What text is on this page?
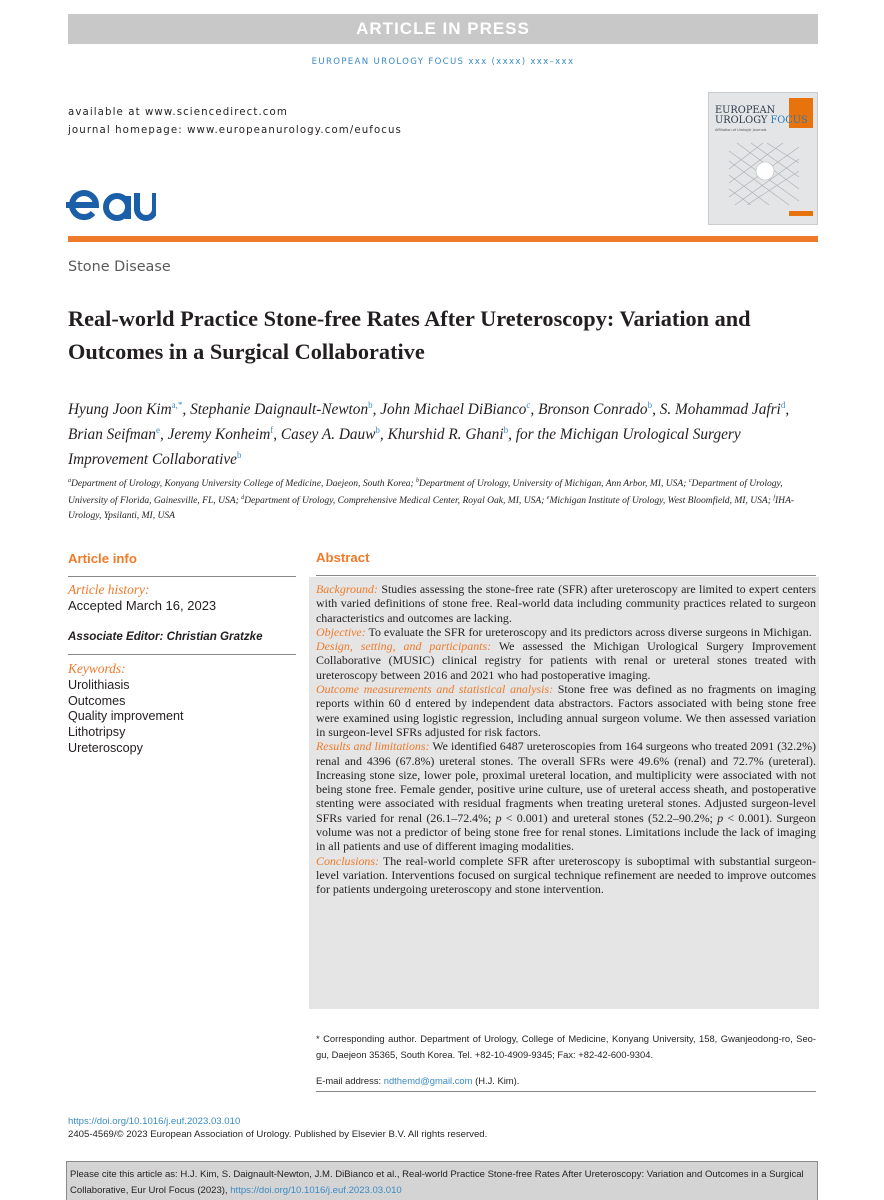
ARTICLE IN PRESS
EUROPEAN UROLOGY FOCUS xxx (xxxx) xxx–xxx
available at www.sciencedirect.com
journal homepage: www.europeanurology.com/eufocus
EUROPEAN
UROLOGY FOCUS
Affiliation of Urologic Journals
Stone Disease
Real-world Practice Stone-free Rates After Ureteroscopy: Variation and Outcomes in a Surgical Collaborative
Hyung Joon Kim$^{a,*}$, Stephanie Daignault-Newton$^b$, John Michael DiBianco$^c$, Bronson Conrado$^b$, S. Mohammad Jafri$^d$, Brian Seifman$^e$, Jeremy Konheim$^f$, Casey A. Dauw$^b$, Khurshid R. Ghani$^b$, for the Michigan Urological Surgery Improvement Collaborative$^b$
$^a$Department of Urology, Konyang University College of Medicine, Daejeon, South Korea; $^b$Department of Urology, University of Michigan, Ann Arbor, MI, USA; $^c$Department of Urology, University of Florida, Gainesville, FL, USA; $^d$Department of Urology, Comprehensive Medical Center, Royal Oak, MI, USA; $^e$Michigan Institute of Urology, West Bloomfield, MI, USA; $^f$IHA-Urology, Ypsilanti, MI, USA
Article info
Article history:
Accepted March 16, 2023
Associate Editor: Christian Gratzke
Keywords:
Urolithiasis
Outcomes
Quality improvement
Lithotripsy
Ureteroscopy
Abstract
Background: Studies assessing the stone-free rate (SFR) after ureteroscopy are limited to expert centers with varied definitions of stone free. Real-world data including community practices related to surgeon characteristics and outcomes are lacking.
Objective: To evaluate the SFR for ureteroscopy and its predictors across diverse surgeons in Michigan.
Design, setting, and participants: We assessed the Michigan Urological Surgery Improvement Collaborative (MUSIC) clinical registry for patients with renal or ureteral stones treated with ureteroscopy between 2016 and 2021 who had postoperative imaging.
Outcome measurements and statistical analysis: Stone free was defined as no fragments on imaging reports within 60 d entered by independent data abstractors. Factors associated with being stone free were examined using logistic regression, including annual surgeon volume. We then assessed variation in surgeon-level SFRs adjusted for risk factors.
Results and limitations: We identified 6487 ureteroscopies from 164 surgeons who treated 2091 (32.2%) renal and 4396 (67.8%) ureteral stones. The overall SFRs were 49.6% (renal) and 72.7% (ureteral). Increasing stone size, lower pole, proximal ureteral location, and multiplicity were associated with not being stone free. Female gender, positive urine culture, use of ureteral access sheath, and postoperative stenting were associated with residual fragments when treating ureteral stones. Adjusted surgeon-level SFRs varied for renal (26.1–72.4%; p < 0.001) and ureteral stones (52.2–90.2%; p < 0.001). Surgeon volume was not a predictor of being stone free for renal stones. Limitations include the lack of imaging in all patients and use of different imaging modalities.
Conclusions: The real-world complete SFR after ureteroscopy is suboptimal with substantial surgeon-level variation. Interventions focused on surgical technique refinement are needed to improve outcomes for patients undergoing ureteroscopy and stone intervention.
* Corresponding author. Department of Urology, College of Medicine, Konyang University, 158, Gwanjeodong-ro, Seo-gu, Daejeon 35365, South Korea. Tel. +82-10-4909-9345; Fax: +82-42-600-9304.
E-mail address: ndthemd@gmail.com (H.J. Kim).
https://doi.org/10.1016/j.euf.2023.03.010
2405-4569/© 2023 European Association of Urology. Published by Elsevier B.V. All rights reserved.
Please cite this article as: H.J. Kim, S. Daignault-Newton, J.M. DiBianco et al., Real-world Practice Stone-free Rates After Ureteroscopy: Variation and Outcomes in a Surgical Collaborative, Eur Urol Focus (2023), https://doi.org/10.1016/j.euf.2023.03.010
